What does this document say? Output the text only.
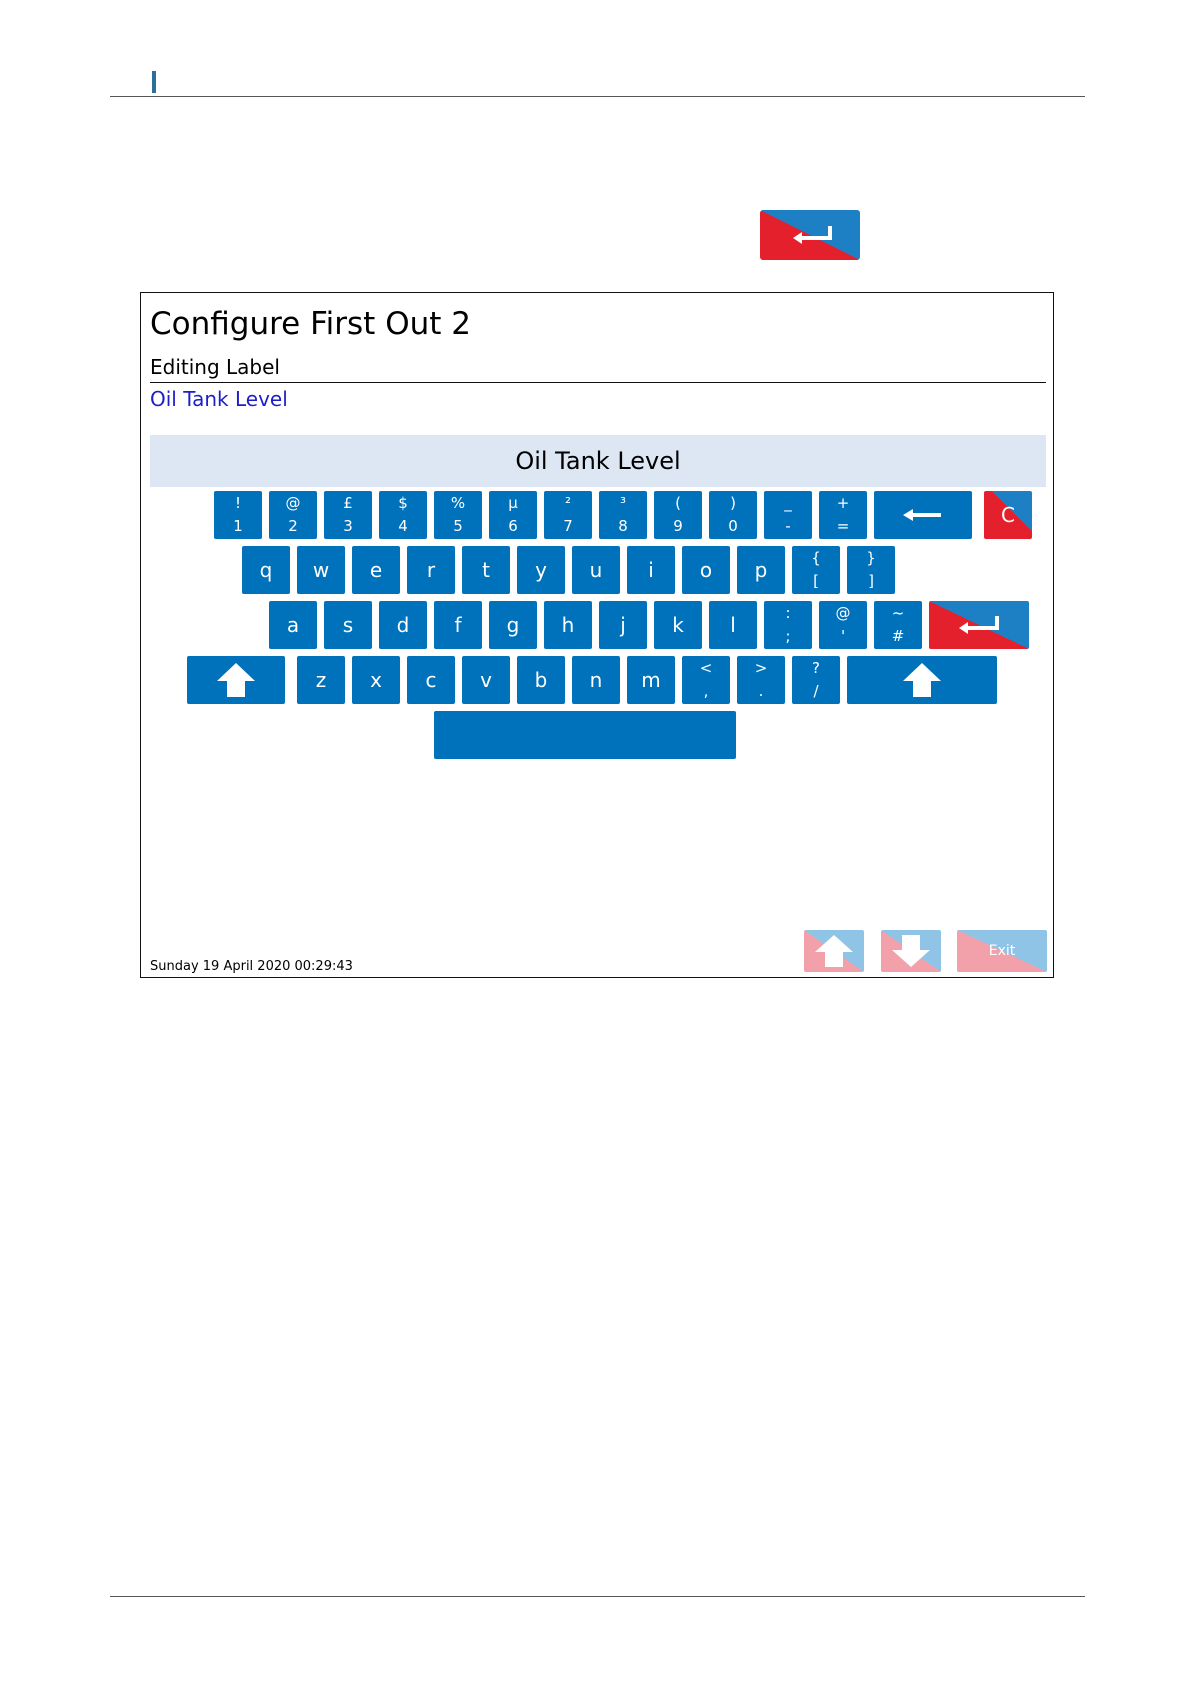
Configure First Out 2
Editing Label
Oil Tank Level
Oil Tank Level
!
1
@
2
£
3
$
4
%
5
µ
6
²
7
³
8
(
9
)
0
_
-
+
=	C
q	w	e	r	t	y	u	i	o	p	{
[
}
]
a	s	d	f	g	h	j	k	l	:
;
@
'
~
#
z	x	c	v	b	n	m	<
,
>
.
?
/
Sunday 19 April 2020 00:29:43
Exit
